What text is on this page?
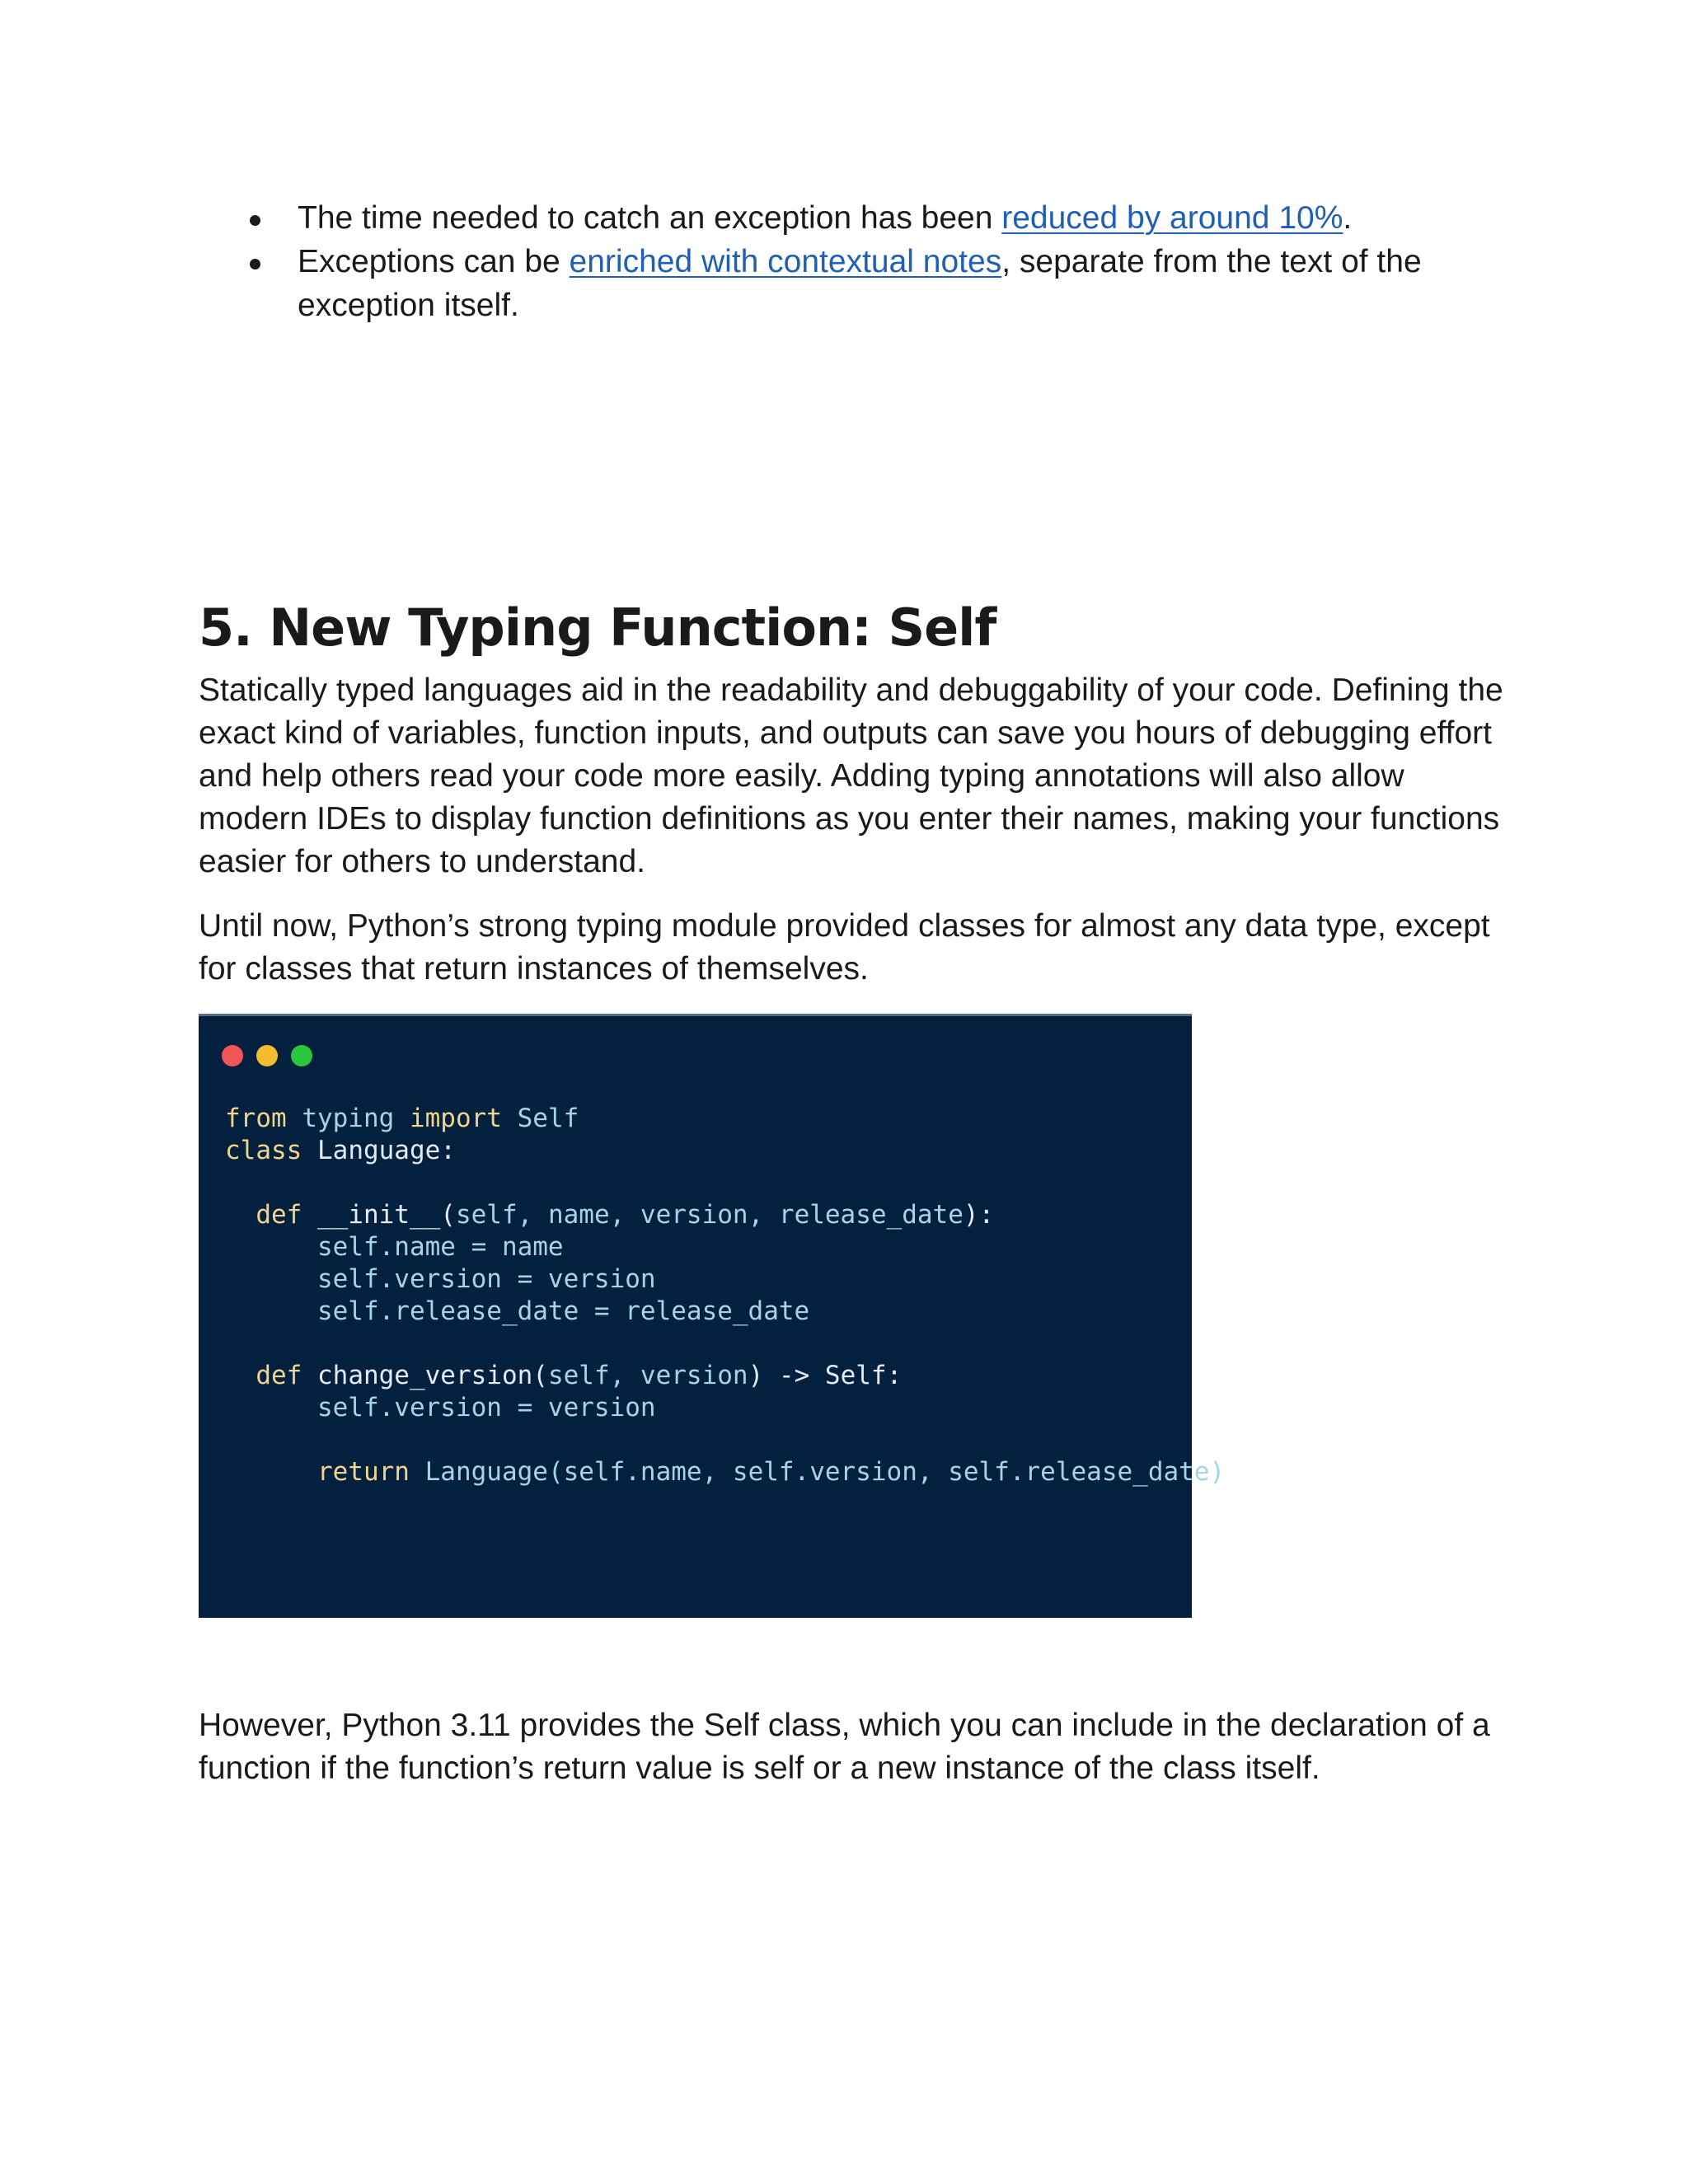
The time needed to catch an exception has been reduced by around 10%.
Exceptions can be enriched with contextual notes, separate from the text of the exception itself.
5. New Typing Function: Self

Statically typed languages aid in the readability and debuggability of your code. Defining the exact kind of variables, function inputs, and outputs can save you hours of debugging effort and help others read your code more easily. Adding typing annotations will also allow modern IDEs to display function definitions as you enter their names, making your functions easier for others to understand.

Until now, Python’s strong typing module provided classes for almost any data type, except for classes that return instances of themselves.

from typing import Self
class Language:

def __init__(self, name, version, release_date):
self.name = name
self.version = version
self.release_date = release_date

def change_version(self, version) -> Self:
self.version = version

return Language(self.name, self.version, self.release_date)

However, Python 3.11 provides the Self class, which you can include in the declaration of a function if the function’s return value is self or a new instance of the class itself.
